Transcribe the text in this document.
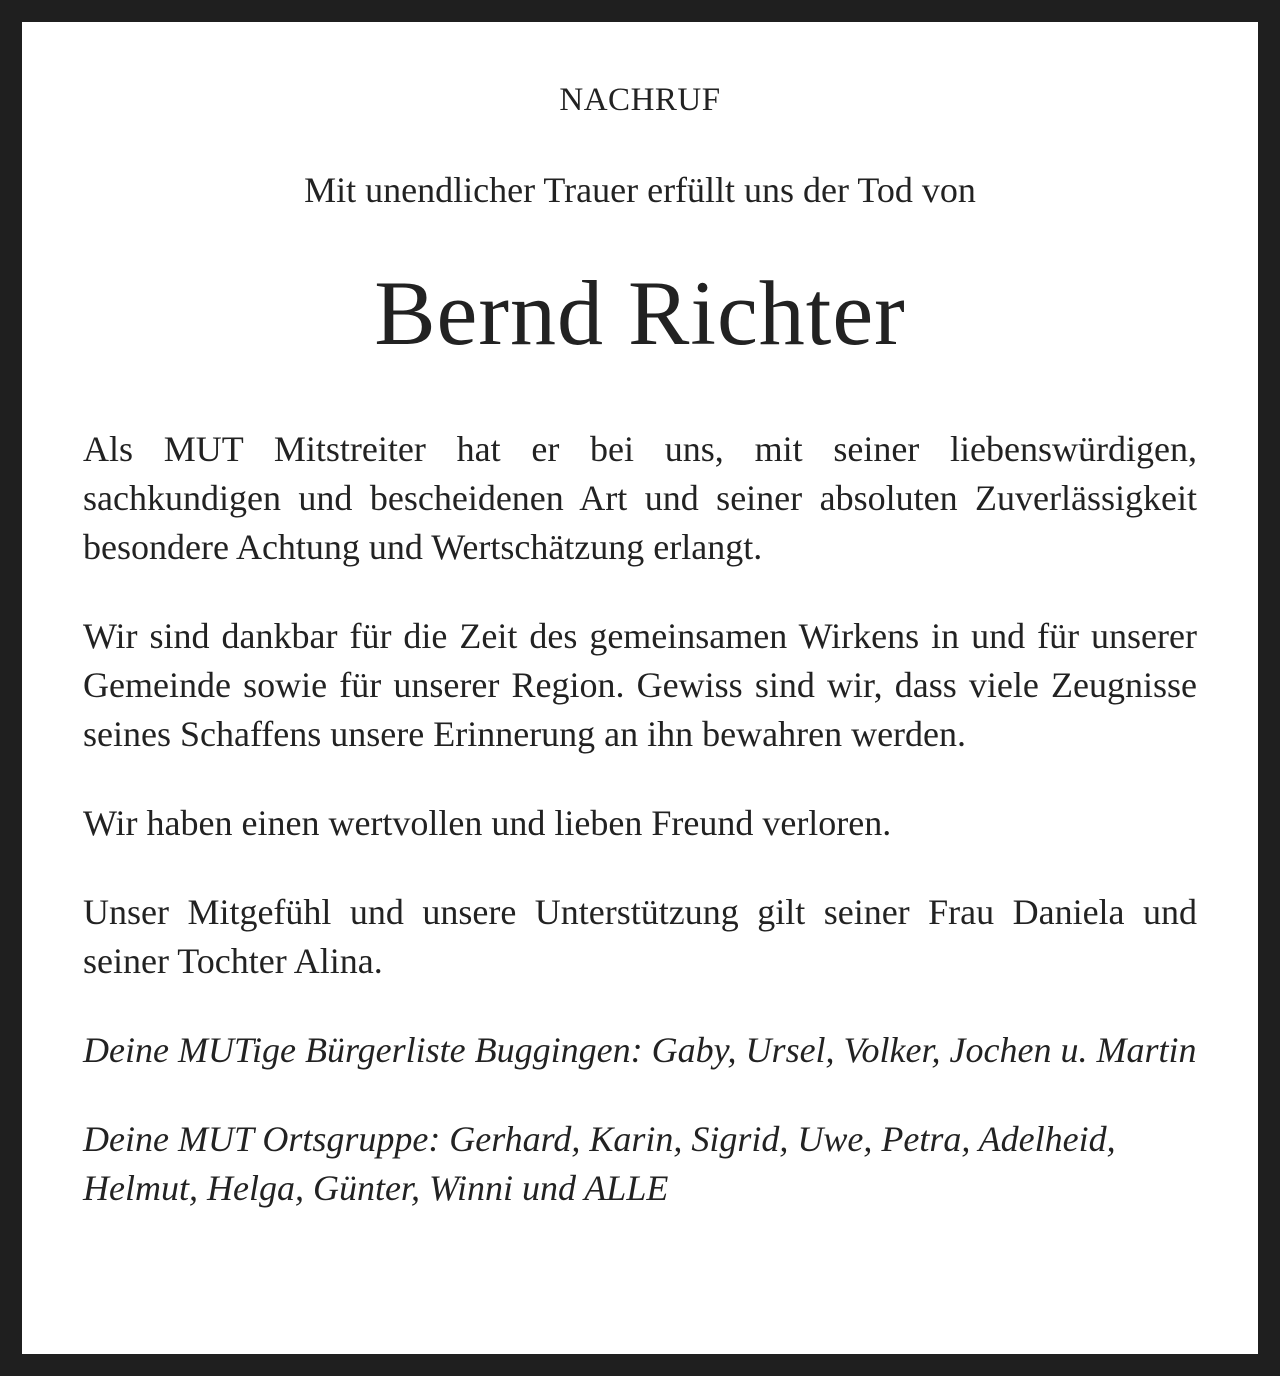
NACHRUF
Mit unendlicher Trauer erfüllt uns der Tod von
Bernd Richter

Als MUT Mitstreiter hat er bei uns, mit seiner liebenswürdigen, sachkundigen und bescheidenen Art und seiner absoluten Zuverlässigkeit besondere Achtung und Wertschätzung erlangt.

Wir sind dankbar für die Zeit des gemeinsamen Wirkens in und für unserer Gemeinde sowie für unserer Region. Gewiss sind wir, dass viele Zeugnisse seines Schaffens unsere Erinnerung an ihn bewahren werden.

Wir haben einen wertvollen und lieben Freund verloren.

Unser Mitgefühl und unsere Unterstützung gilt seiner Frau Daniela und seiner Tochter Alina.

Deine MUTige Bürgerliste Buggingen: Gaby, Ursel, Volker, Jochen u. Martin

Deine MUT Ortsgruppe: Gerhard, Karin, Sigrid, Uwe, Petra, Adelheid, Helmut, Helga, Günter, Winni und ALLE
